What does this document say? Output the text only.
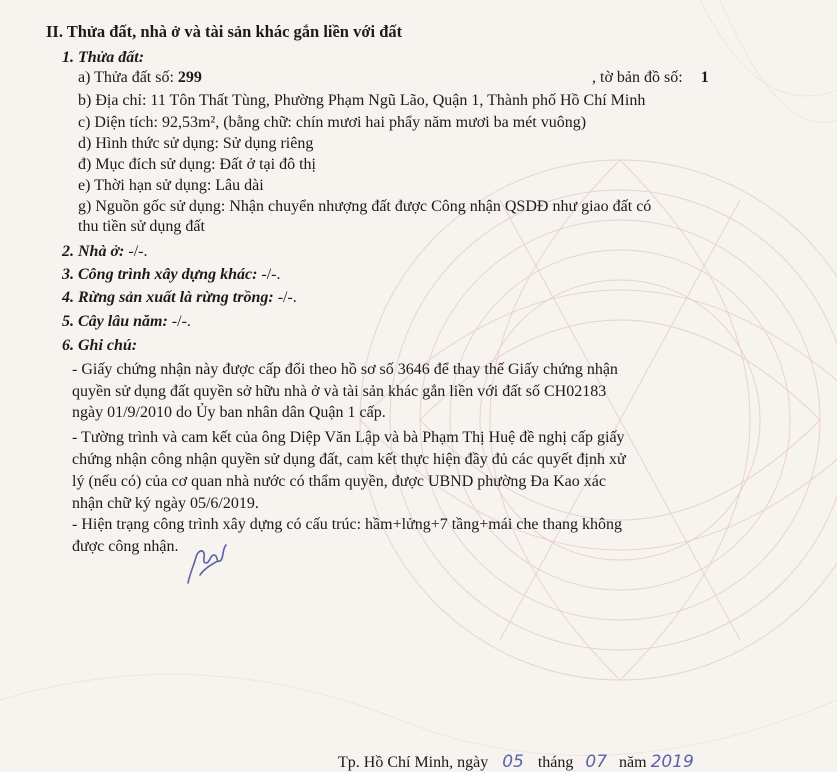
II. Thửa đất, nhà ở và tài sản khác gắn liền với đất
1. Thửa đất:
a) Thửa đất số: 299	, tờ bản đồ số: 1
b) Địa chỉ: 11 Tôn Thất Tùng, Phường Phạm Ngũ Lão, Quận 1, Thành phố Hồ Chí Minh
c) Diện tích: 92,53m², (bằng chữ: chín mươi hai phẩy năm mươi ba mét vuông)
d) Hình thức sử dụng: Sử dụng riêng
đ) Mục đích sử dụng: Đất ở tại đô thị
e) Thời hạn sử dụng: Lâu dài
g) Nguồn gốc sử dụng: Nhận chuyển nhượng đất được Công nhận QSDĐ như giao đất có
thu tiền sử dụng đất
2. Nhà ở: -/-.
3. Công trình xây dựng khác: -/-.
4. Rừng sản xuất là rừng trồng: -/-.
5. Cây lâu năm: -/-.
6. Ghi chú:
- Giấy chứng nhận này được cấp đổi theo hồ sơ số 3646 để thay thế Giấy chứng nhận
quyền sử dụng đất quyền sở hữu nhà ở và tài sản khác gắn liền với đất số CH02183
ngày 01/9/2010 do Ủy ban nhân dân Quận 1 cấp.
- Tường trình và cam kết của ông Diệp Văn Lập và bà Phạm Thị Huệ đề nghị cấp giấy
chứng nhận công nhận quyền sử dụng đất, cam kết thực hiện đầy đủ các quyết định xử
lý (nếu có) của cơ quan nhà nước có thẩm quyền, được UBND phường Đa Kao xác
nhận chữ ký ngày 05/6/2019.
- Hiện trạng công trình xây dựng có cấu trúc: hầm+lửng+7 tầng+mái che thang không
được công nhận.
Tp. Hồ Chí Minh, ngày 05 tháng 07 năm 2019
